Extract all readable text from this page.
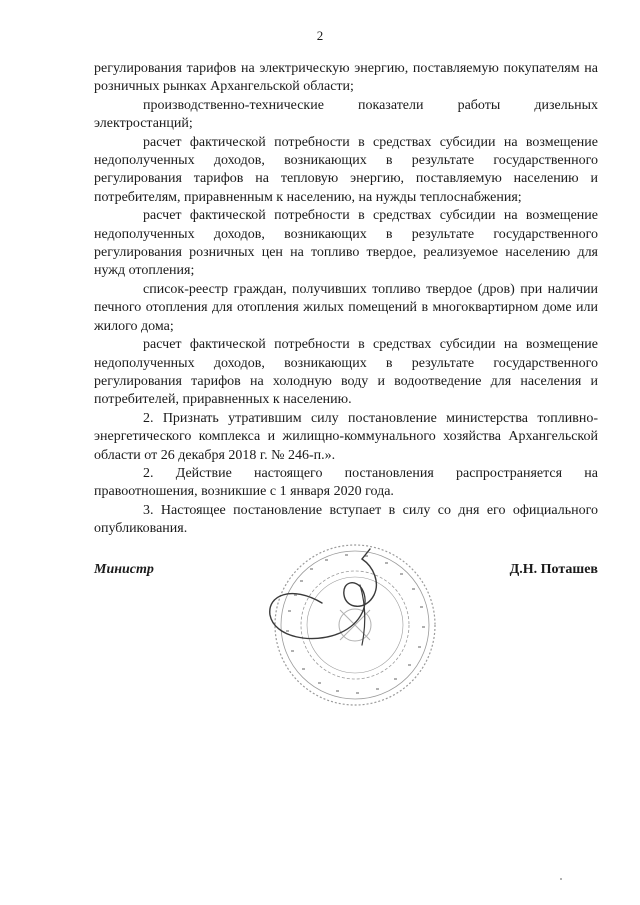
2

регулирования тарифов на электрическую энергию, поставляемую покупателям на розничных рынках Архангельской области;

производственно-технические показатели работы дизельных электростанций;

расчет фактической потребности в средствах субсидии на возмещение недополученных доходов, возникающих в результате государственного регулирования тарифов на тепловую энергию, поставляемую населению и потребителям, приравненным к населению, на нужды теплоснабжения;

расчет фактической потребности в средствах субсидии на возмещение недополученных доходов, возникающих в результате государственного регулирования розничных цен на топливо твердое, реализуемое населению для нужд отопления;

список-реестр граждан, получивших топливо твердое (дров) при наличии печного отопления для отопления жилых помещений в многоквартирном доме или жилого дома;

расчет фактической потребности в средствах субсидии на возмещение недополученных доходов, возникающих в результате государственного регулирования тарифов на холодную воду и водоотведение для населения и потребителей, приравненных к населению.

2. Признать утратившим силу постановление министерства топливно-энергетического комплекса и жилищно-коммунального хозяйства Архангельской области от 26 декабря 2018 г. № 246-п.».

2. Действие настоящего постановления распространяется на правоотношения, возникшие с 1 января 2020 года.

3. Настоящее постановление вступает в силу со дня его официального опубликования.

Министр	Д.Н. Поташев
